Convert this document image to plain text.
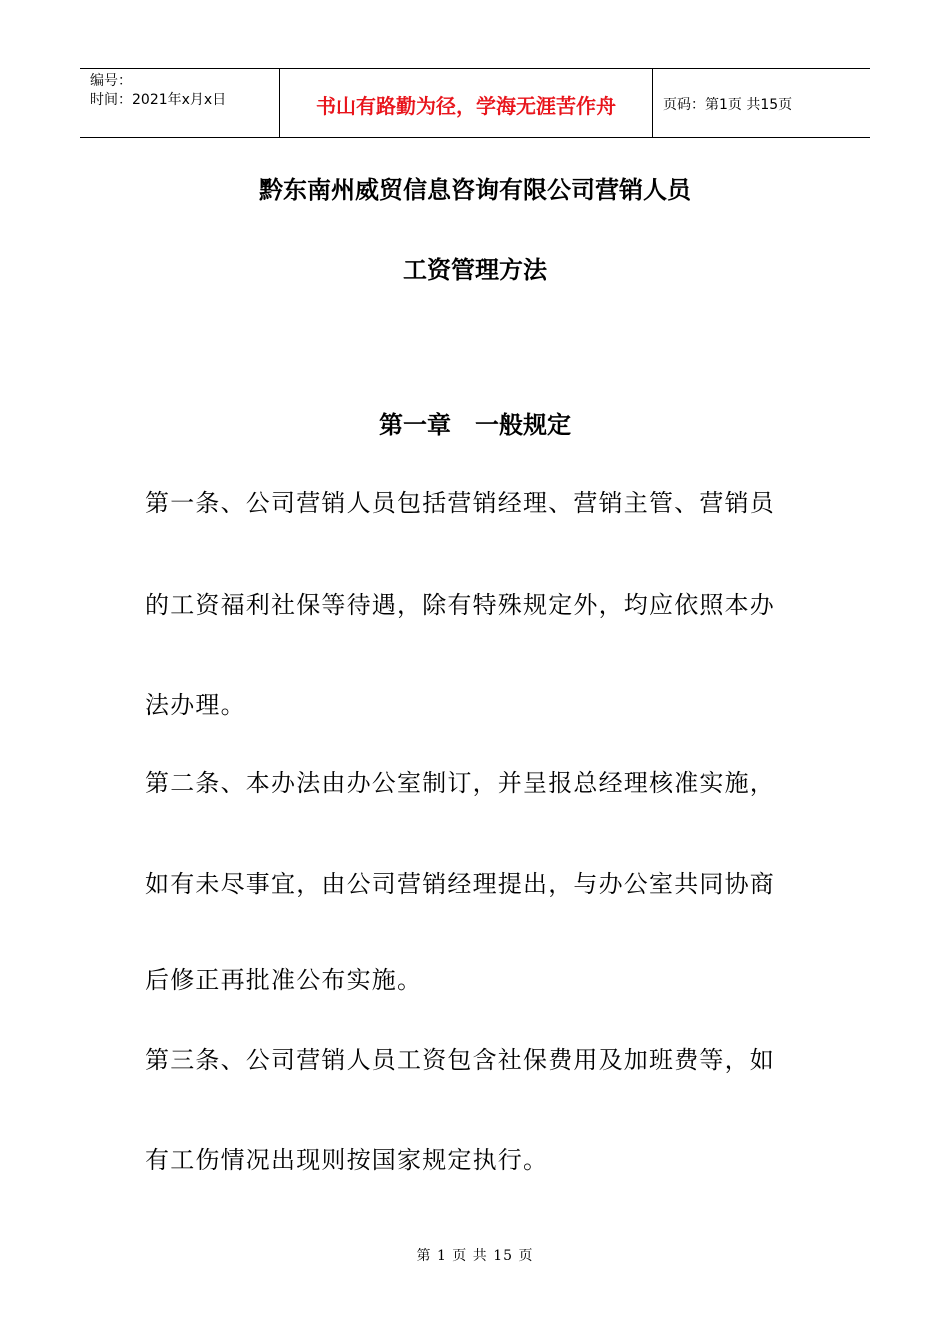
编号：
时间：2021年x月x日	书山有路勤为径，学海无涯苦作舟	页码：第1页 共15页
黔东南州威贸信息咨询有限公司营销人员
工资管理方法
第一章 一般规定
第一条、公司营销人员包括营销经理、营销主管、营销员
的工资福利社保等待遇，除有特殊规定外，均应依照本办
法办理。
第二条、本办法由办公室制订，并呈报总经理核准实施，
如有未尽事宜，由公司营销经理提出，与办公室共同协商
后修正再批准公布实施。
第三条、公司营销人员工资包含社保费用及加班费等，如
有工伤情况出现则按国家规定执行。
第 1 页 共 15 页
